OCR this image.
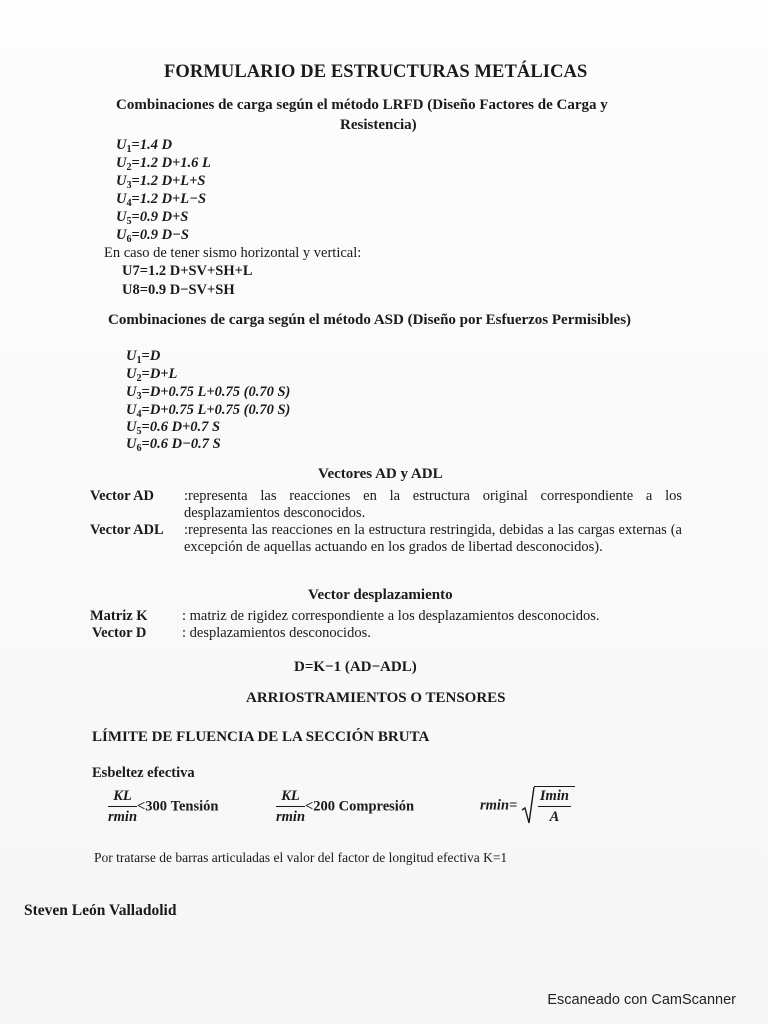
FORMULARIO DE ESTRUCTURAS METÁLICAS
Combinaciones de carga según el método LRFD (Diseño Factores de Carga y
Resistencia)
$U_1=1.4$ D
$U_2=1.2$ D+1.6 L
$U_3=1.2$ D+L+S
$U_4=1.2$ D+L−S
$U_5=0.9$ D+S
$U_6=0.9$ D−S
En caso de tener sismo horizontal y vertical:
U7=1.2 D+SV+SH+L
U8=0.9 D−SV+SH
Combinaciones de carga según el método ASD (Diseño por Esfuerzos Permisibles)
$U_1=D$
$U_2=D+L$
$U_3=D+0.75$ L+0.75 (0.70 S)
$U_4=D+0.75$ L+0.75 (0.70 S)
$U_5=0.6$ D+0.7 S
$U_6=0.6$ D−0.7 S
Vectores AD y ADL
Vector AD :representa las reacciones en la estructura original correspondiente a los desplazamientos desconocidos.
Vector ADL :representa las reacciones en la estructura restringida, debidas a las cargas externas (a excepción de aquellas actuando en los grados de libertad desconocidos).
Vector desplazamiento
Matriz K : matriz de rigidez correspondiente a los desplazamientos desconocidos.
Vector D : desplazamientos desconocidos.
D=K−1 (AD−ADL)
ARRIOSTRAMIENTOS O TENSORES
LÍMITE DE FLUENCIA DE LA SECCIÓN BRUTA
Esbeltez efectiva
$\frac{KL}{rmin} <300$ Tensión	$\frac{KL}{rmin} <200$ Compresión	$rmin= \frac{Imin}{A}$
Por tratarse de barras articuladas el valor del factor de longitud efectiva K=1
Steven León Valladolid
Escaneado con CamScanner
